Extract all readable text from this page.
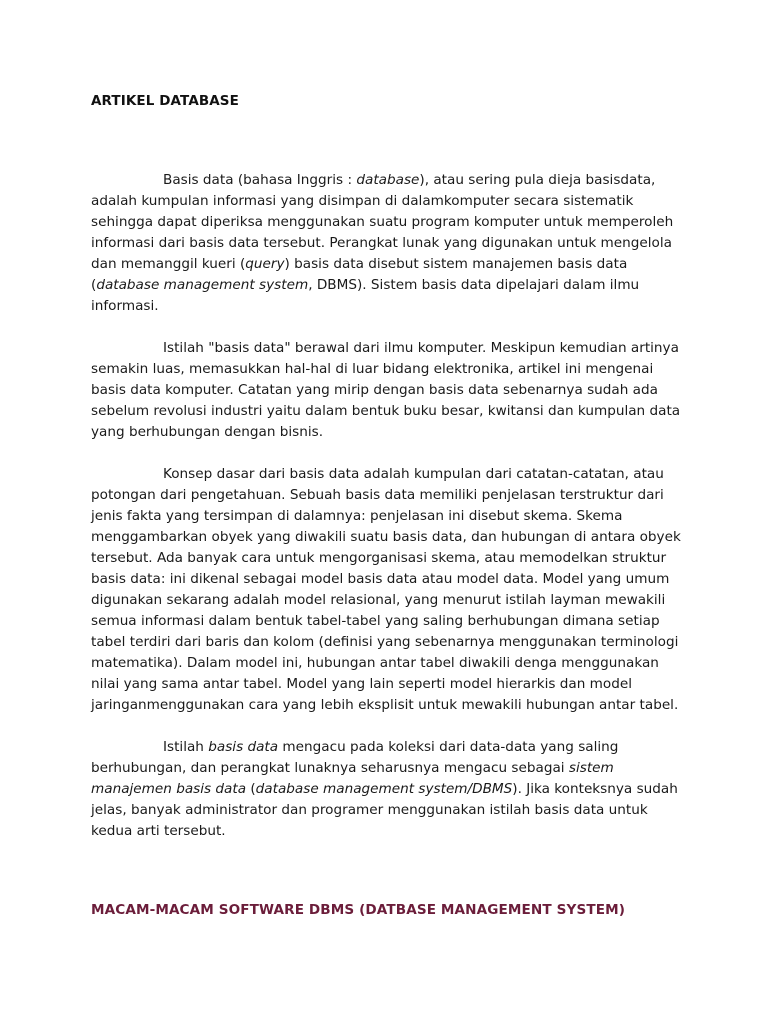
ARTIKEL DATABASE

Basis data (bahasa Inggris : database), atau sering pula dieja basisdata, adalah kumpulan informasi yang disimpan di dalamkomputer secara sistematik sehingga dapat diperiksa menggunakan suatu program komputer untuk memperoleh informasi dari basis data tersebut. Perangkat lunak yang digunakan untuk mengelola dan memanggil kueri (query) basis data disebut sistem manajemen basis data (database management system, DBMS). Sistem basis data dipelajari dalam ilmu informasi.

Istilah "basis data" berawal dari ilmu komputer. Meskipun kemudian artinya semakin luas, memasukkan hal-hal di luar bidang elektronika, artikel ini mengenai basis data komputer. Catatan yang mirip dengan basis data sebenarnya sudah ada sebelum revolusi industri yaitu dalam bentuk buku besar, kwitansi dan kumpulan data yang berhubungan dengan bisnis.

Konsep dasar dari basis data adalah kumpulan dari catatan-catatan, atau potongan dari pengetahuan. Sebuah basis data memiliki penjelasan terstruktur dari jenis fakta yang tersimpan di dalamnya: penjelasan ini disebut skema. Skema menggambarkan obyek yang diwakili suatu basis data, dan hubungan di antara obyek tersebut. Ada banyak cara untuk mengorganisasi skema, atau memodelkan struktur basis data: ini dikenal sebagai model basis data atau model data. Model yang umum digunakan sekarang adalah model relasional, yang menurut istilah layman mewakili semua informasi dalam bentuk tabel-tabel yang saling berhubungan dimana setiap tabel terdiri dari baris dan kolom (definisi yang sebenarnya menggunakan terminologi matematika). Dalam model ini, hubungan antar tabel diwakili denga menggunakan nilai yang sama antar tabel. Model yang lain seperti model hierarkis dan model jaringanmenggunakan cara yang lebih eksplisit untuk mewakili hubungan antar tabel.

Istilah basis data mengacu pada koleksi dari data-data yang saling berhubungan, dan perangkat lunaknya seharusnya mengacu sebagai sistem manajemen basis data (database management system/DBMS). Jika konteksnya sudah jelas, banyak administrator dan programer menggunakan istilah basis data untuk kedua arti tersebut.

MACAM-MACAM SOFTWARE DBMS (DATBASE MANAGEMENT SYSTEM)
